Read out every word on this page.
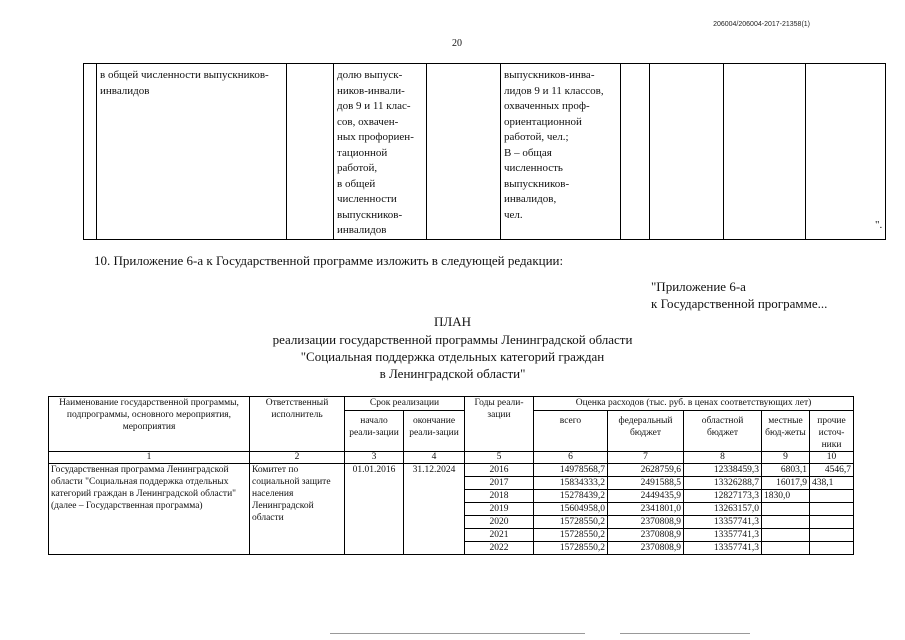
206004/206004-2017-21358(1)
20
	в общей численности выпускников-инвалидов		долю выпуск-
ников-инвали-
дов 9 и 11 клас-
сов, охвачен-
ных профориен-
тационной
работой,
в общей
численности
выпускников-
инвалидов		выпускников-инва-
лидов 9 и 11 классов,
охваченных проф-
ориентационной
работой, чел.;
B – общая
численность
выпускников-
инвалидов,
чел.				
".
10. Приложение 6-а к Государственной программе изложить в следующей редакции:
"Приложение 6-а
к Государственной программе...
ПЛАН
реализации государственной программы Ленинградской области
"Социальная поддержка отдельных категорий граждан
в Ленинградской области"
Наименование государственной программы, подпрограммы, основного мероприятия, мероприятия	Ответственный исполнитель	Срок реализации		Годы реали-зации	Оценка расходов (тыс. руб. в ценах соответствующих лет)				
		начало реали-зации	окончание реали-зации		всего	федеральный бюджет	областной бюджет	местные бюд-жеты	прочие источ-ники
1	2	3	4	5	6	7	8	9	10
Государственная программа Ленинградской области "Социальная поддержка отдельных категорий граждан в Ленинградской области" (далее – Государственная программа)	Комитет по социальной защите населения Ленинградской области	01.01.2016	31.12.2024	2016	14978568,7	2628759,6	12338459,3	6803,1	4546,7
				2017	15834333,2	2491588,5	13326288,7	16017,9	438,1
				2018	15278439,2	2449435,9	12827173,3	1830,0	
				2019	15604958,0	2341801,0	13263157,0		
				2020	15728550,2	2370808,9	13357741,3		
				2021	15728550,2	2370808,9	13357741,3		
				2022	15728550,2	2370808,9	13357741,3		
